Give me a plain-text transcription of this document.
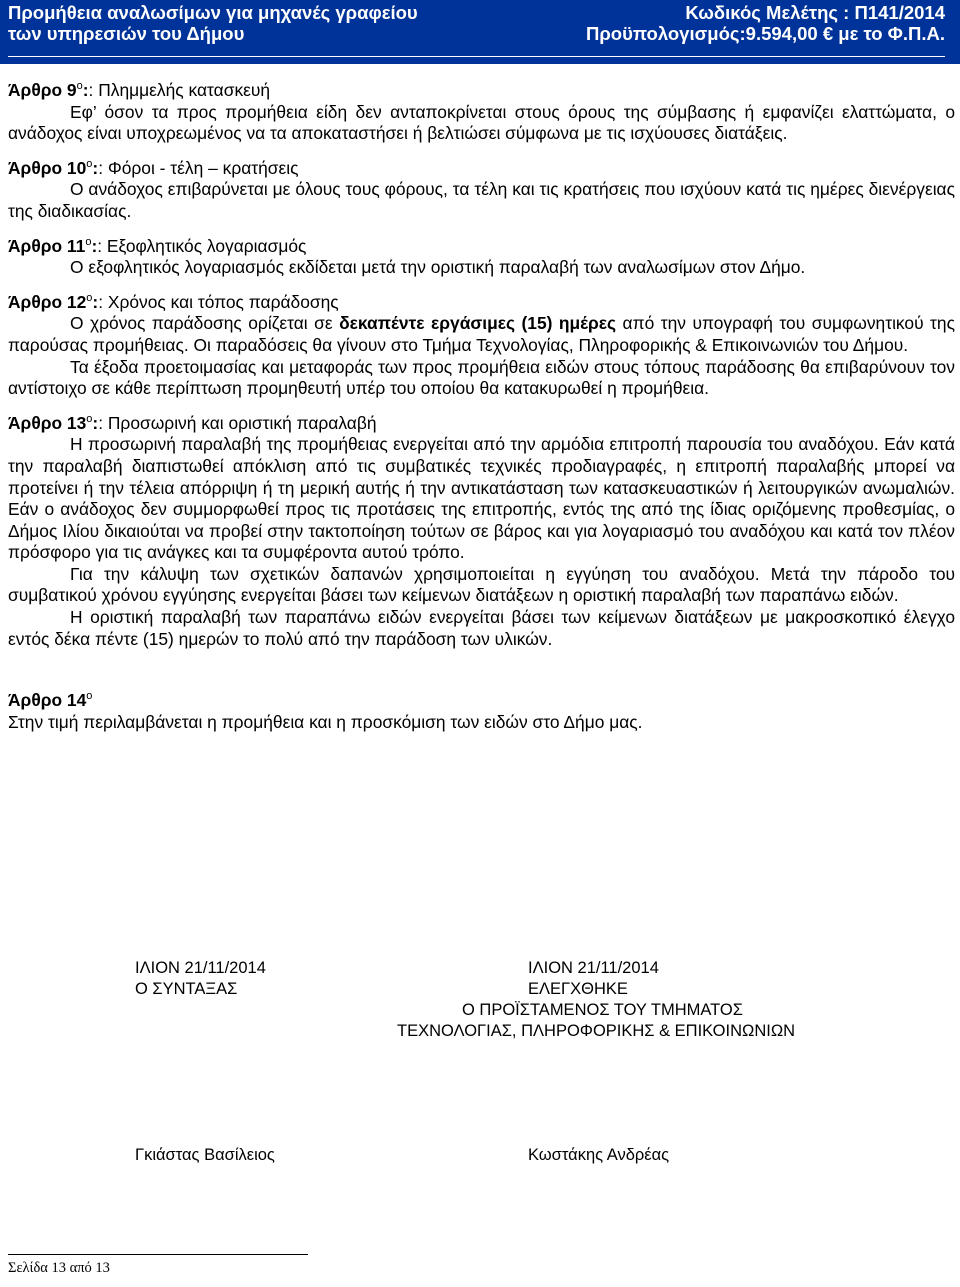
Προμήθεια αναλωσίμων για μηχανές γραφείου
των υπηρεσιών του Δήμου
Κωδικός Μελέτης : Π141/2014
Προϋπολογισμός:9.594,00 € με το Φ.Π.Α.

Άρθρο $9^o$:: Πλημμελής κατασκευή

Εφ’ όσον τα προς προμήθεια είδη δεν ανταποκρίνεται στους όρους της σύμβασης ή εμφανίζει ελαττώματα, ο ανάδοχος είναι υποχρεωμένος να τα αποκαταστήσει ή βελτιώσει σύμφωνα με τις ισχύουσες διατάξεις.

Άρθρο $10^o$:: Φόροι - τέλη – κρατήσεις

Ο ανάδοχος επιβαρύνεται με όλους τους φόρους, τα τέλη και τις κρατήσεις που ισχύουν κατά τις ημέρες διενέργειας της διαδικασίας.

Άρθρο $11^o$:: Εξοφλητικός λογαριασμός

Ο εξοφλητικός λογαριασμός εκδίδεται μετά την οριστική παραλαβή των αναλωσίμων στον Δήμο.

Άρθρο $12^o$:: Χρόνος και τόπος παράδοσης

Ο χρόνος παράδοσης ορίζεται σε δεκαπέντε εργάσιμες (15) ημέρες από την υπογραφή του συμφωνητικού της παρούσας προμήθειας. Οι παραδόσεις θα γίνουν στο Τμήμα Τεχνολογίας, Πληροφορικής & Επικοινωνιών του Δήμου.

Τα έξοδα προετοιμασίας και μεταφοράς των προς προμήθεια ειδών στους τόπους παράδοσης θα επιβαρύνουν τον αντίστοιχο σε κάθε περίπτωση προμηθευτή υπέρ του οποίου θα κατακυρωθεί η προμήθεια.

Άρθρο $13^o$:: Προσωρινή και οριστική παραλαβή

Η προσωρινή παραλαβή της προμήθειας ενεργείται από την αρμόδια επιτροπή παρουσία του αναδόχου. Εάν κατά την παραλαβή διαπιστωθεί απόκλιση από τις συμβατικές τεχνικές προδιαγραφές, η επιτροπή παραλαβής μπορεί να προτείνει ή την τέλεια απόρριψη ή τη μερική αυτής ή την αντικατάσταση των κατασκευαστικών ή λειτουργικών ανωμαλιών. Εάν ο ανάδοχος δεν συμμορφωθεί προς τις προτάσεις της επιτροπής, εντός της από της ίδιας οριζόμενης προθεσμίας, ο Δήμος Ιλίου δικαιούται να προβεί στην τακτοποίηση τούτων σε βάρος και για λογαριασμό του αναδόχου και κατά τον πλέον πρόσφορο για τις ανάγκες και τα συμφέροντα αυτού τρόπο.

Για την κάλυψη των σχετικών δαπανών χρησιμοποιείται η εγγύηση του αναδόχου. Μετά την πάροδο του συμβατικού χρόνου εγγύησης ενεργείται βάσει των κείμενων διατάξεων η οριστική παραλαβή των παραπάνω ειδών.

Η οριστική παραλαβή των παραπάνω ειδών ενεργείται βάσει των κείμενων διατάξεων με μακροσκοπικό έλεγχο εντός δέκα πέντε (15) ημερών το πολύ από την παράδοση των υλικών.

Άρθρο $14^o$

Στην τιμή περιλαμβάνεται η προμήθεια και η προσκόμιση των ειδών στο Δήμο μας.

ΙΛΙΟΝ 21/11/2014
Ο ΣΥΝΤΑΞΑΣ
ΙΛΙΟΝ 21/11/2014
ΕΛΕΓΧΘΗΚΕ
Ο ΠΡΟΪΣΤΑΜΕΝΟΣ ΤΟΥ ΤΜΗΜΑΤΟΣ
ΤΕΧΝΟΛΟΓΙΑΣ, ΠΛΗΡΟΦΟΡΙΚΗΣ & ΕΠΙΚΟΙΝΩΝΙΩΝ
Γκιάστας Βασίλειος	Κωστάκης Ανδρέας
Σελίδα 13 από 13
